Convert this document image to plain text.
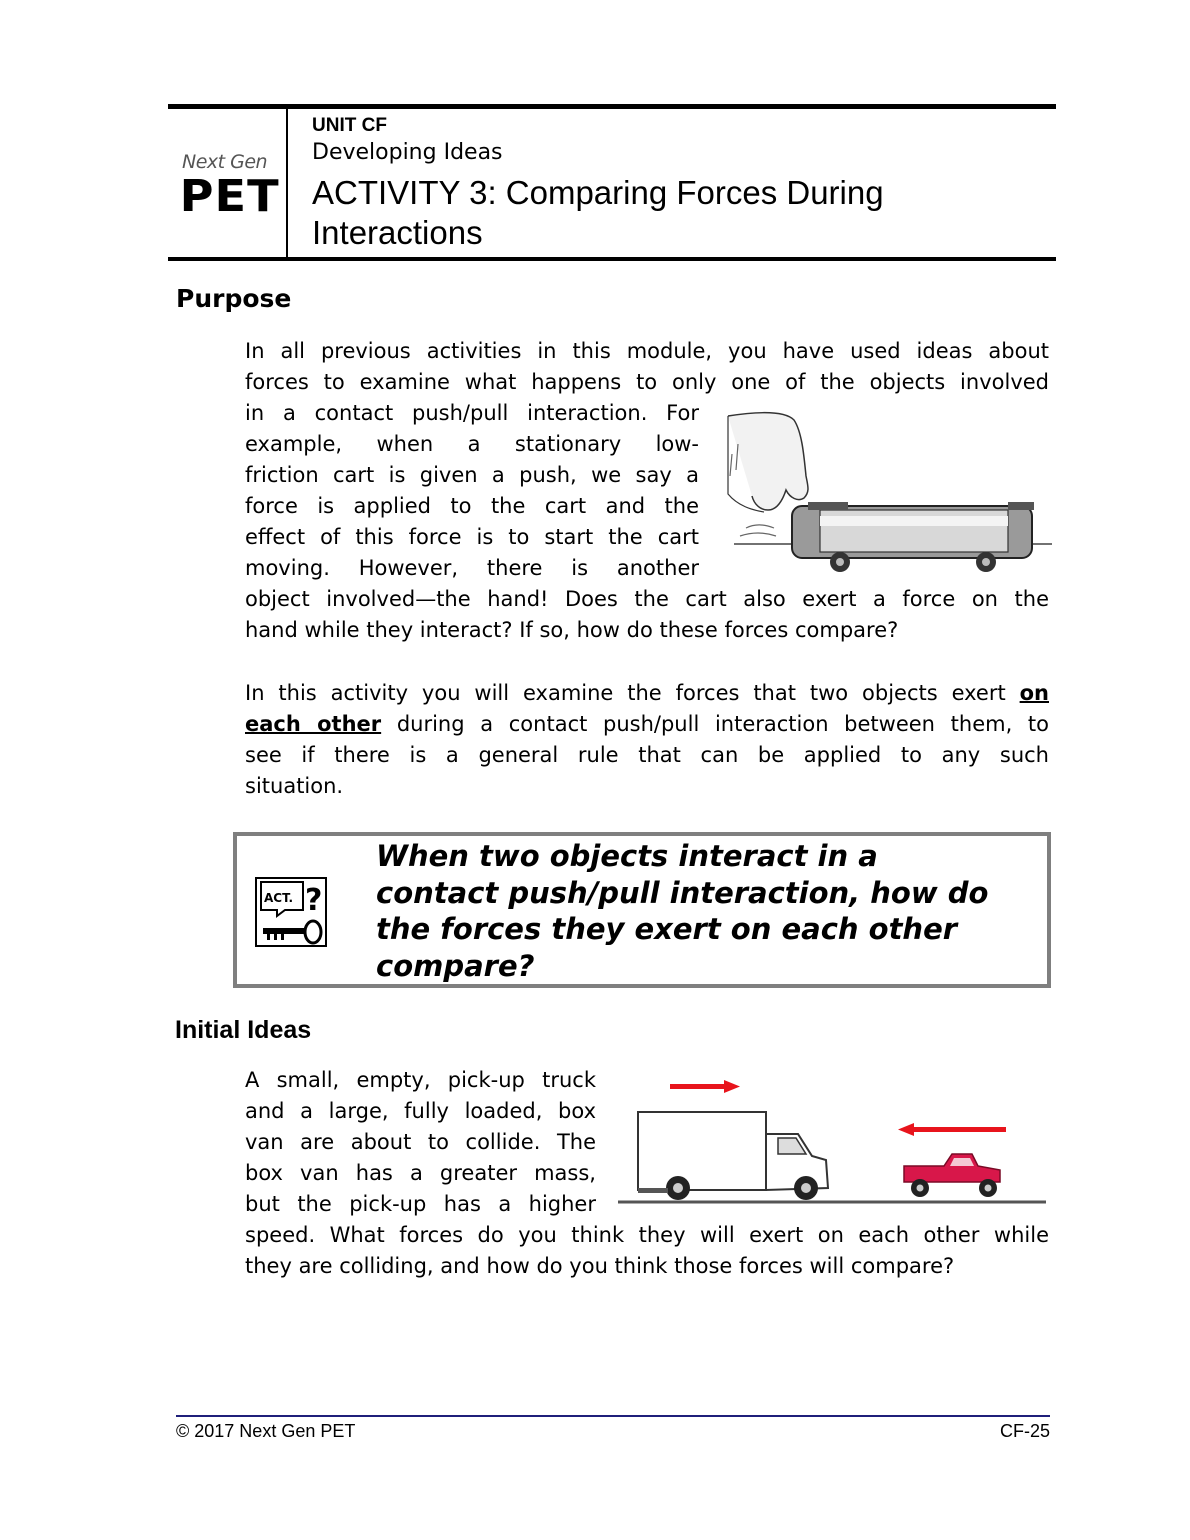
Next Gen
PET
UNIT CF
Developing Ideas
ACTIVITY 3: Comparing Forces During
Interactions
Purpose
In all previous activities in this module, you have used ideas about
forces to examine what happens to only one of the objects involved
in a contact push/pull interaction. For
example, when a stationary low-
friction cart is given a push, we say a
force is applied to the cart and the
effect of this force is to start the cart
moving. However, there is another
object involved—the hand! Does the cart also exert a force on the
hand while they interact? If so, how do these forces compare?
In this activity you will examine the forces that two objects exert on
each other during a contact push/pull interaction between them, to
see if there is a general rule that can be applied to any such
situation.
ACT. ?
When two objects interact in a
contact push/pull interaction, how do
the forces they exert on each other
compare?
Initial Ideas
A small, empty, pick-up truck
and a large, fully loaded, box
van are about to collide. The
box van has a greater mass,
but the pick-up has a higher
speed. What forces do you think they will exert on each other while
they are colliding, and how do you think those forces will compare?
© 2017 Next Gen PET	CF-25
